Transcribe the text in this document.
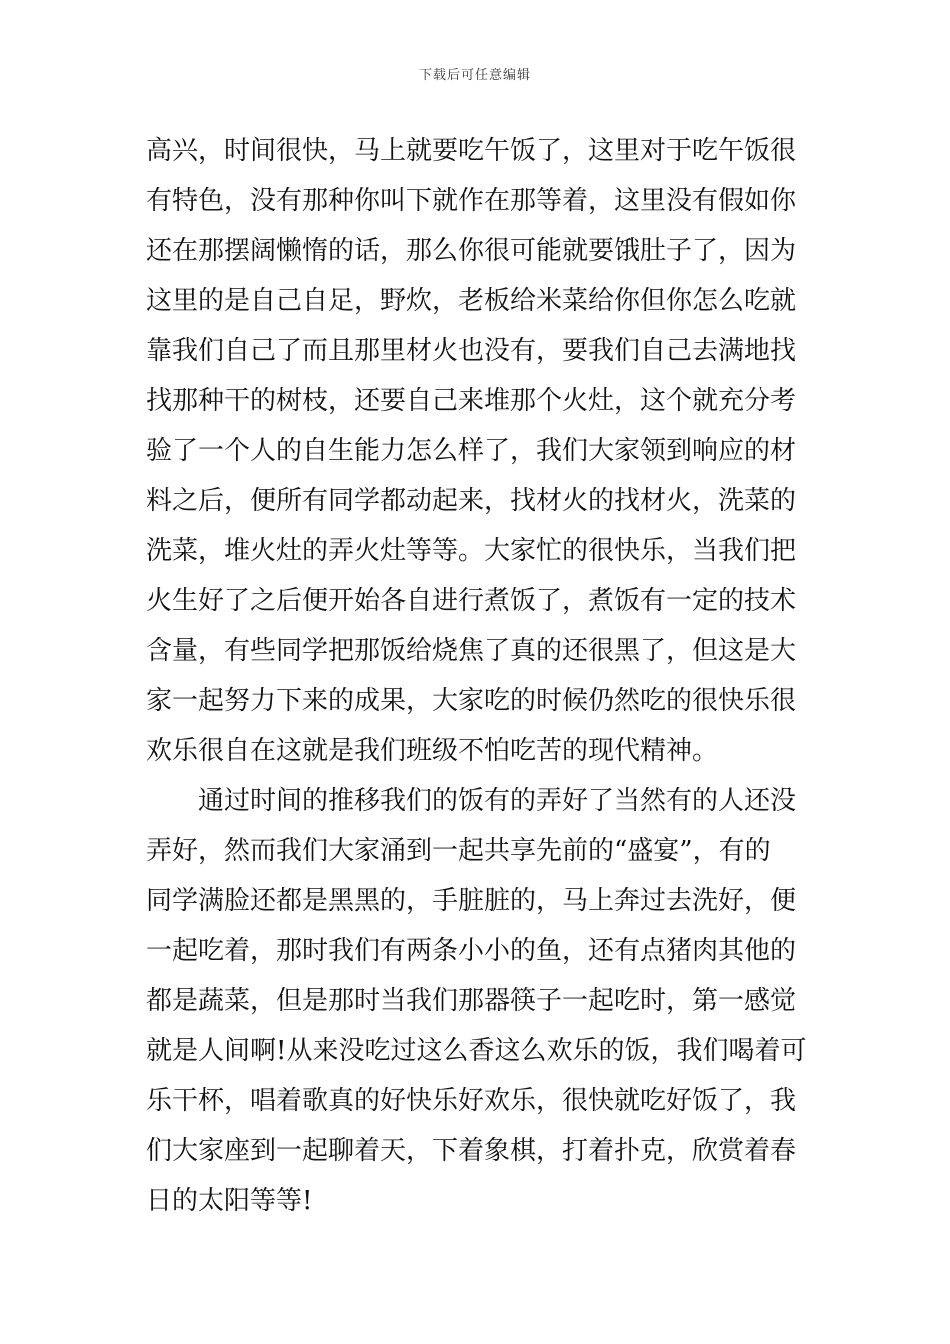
下载后可任意编辑
高兴，时间很快，马上就要吃午饭了，这里对于吃午饭很
有特色，没有那种你叫下就作在那等着，这里没有假如你
还在那摆阔懒惰的话，那么你很可能就要饿肚子了，因为
这里的是自己自足，野炊，老板给米菜给你但你怎么吃就
靠我们自己了而且那里材火也没有，要我们自己去满地找
找那种干的树枝，还要自己来堆那个火灶，这个就充分考
验了一个人的自生能力怎么样了，我们大家领到响应的材
料之后，便所有同学都动起来，找材火的找材火，洗菜的
洗菜，堆火灶的弄火灶等等。大家忙的很快乐，当我们把
火生好了之后便开始各自进行煮饭了，煮饭有一定的技术
含量，有些同学把那饭给烧焦了真的还很黑了，但这是大
家一起努力下来的成果，大家吃的时候仍然吃的很快乐很
欢乐很自在这就是我们班级不怕吃苦的现代精神。
通过时间的推移我们的饭有的弄好了当然有的人还没
弄好，然而我们大家涌到一起共享先前的“盛宴”，有的
同学满脸还都是黑黑的，手脏脏的，马上奔过去洗好，便
一起吃着，那时我们有两条小小的鱼，还有点猪肉其他的
都是蔬菜，但是那时当我们那器筷子一起吃时，第一感觉
就是人间啊!从来没吃过这么香这么欢乐的饭，我们喝着可
乐干杯，唱着歌真的好快乐好欢乐，很快就吃好饭了，我
们大家座到一起聊着天，下着象棋，打着扑克，欣赏着春
日的太阳等等!
